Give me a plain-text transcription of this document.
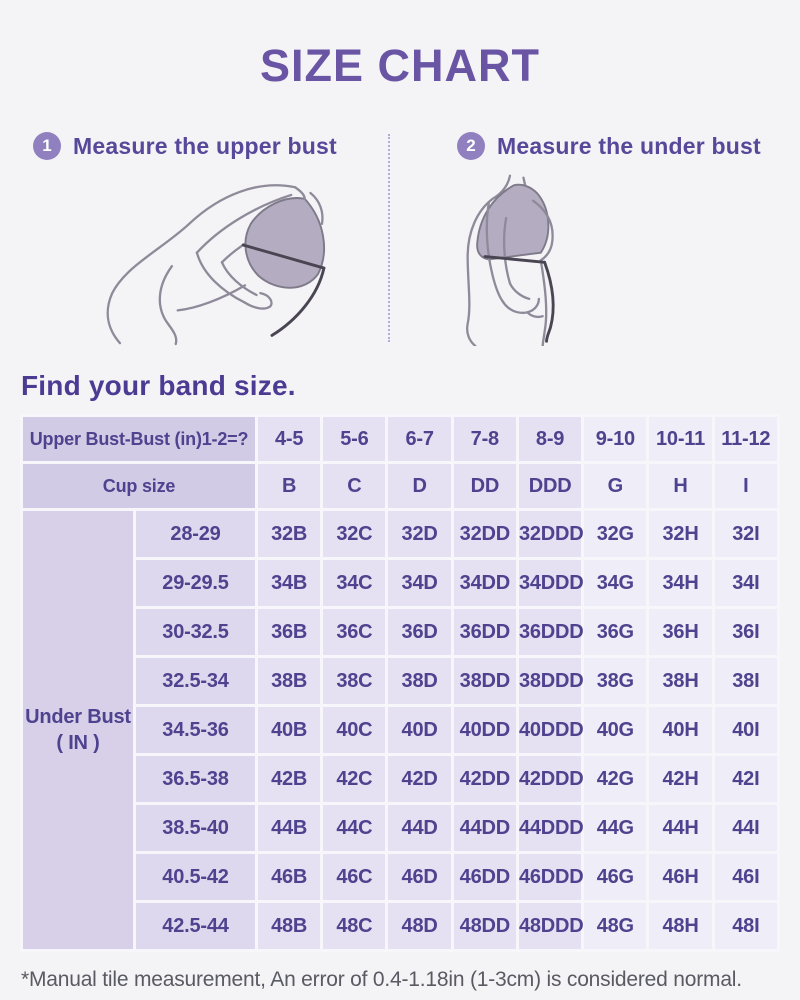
SIZE CHART
1 Measure the upper bust	2 Measure the under bust
Find your band size.
Upper Bust-Bust (in)1-2=?		4-5	5-6	6-7	7-8	8-9	9-10	10-11	11-12
Cup size		B	C	D	DD	DDD	G	H	I
Under Bust
( IN )	28-29	32B	32C	32D	32DD	32DDD	32G	32H	32I
	29-29.5	34B	34C	34D	34DD	34DDD	34G	34H	34I
	30-32.5	36B	36C	36D	36DD	36DDD	36G	36H	36I
	32.5-34	38B	38C	38D	38DD	38DDD	38G	38H	38I
	34.5-36	40B	40C	40D	40DD	40DDD	40G	40H	40I
	36.5-38	42B	42C	42D	42DD	42DDD	42G	42H	42I
	38.5-40	44B	44C	44D	44DD	44DDD	44G	44H	44I
	40.5-42	46B	46C	46D	46DD	46DDD	46G	46H	46I
	42.5-44	48B	48C	48D	48DD	48DDD	48G	48H	48I

*Manual tile measurement, An error of 0.4-1.18in (1-3cm) is considered normal.
